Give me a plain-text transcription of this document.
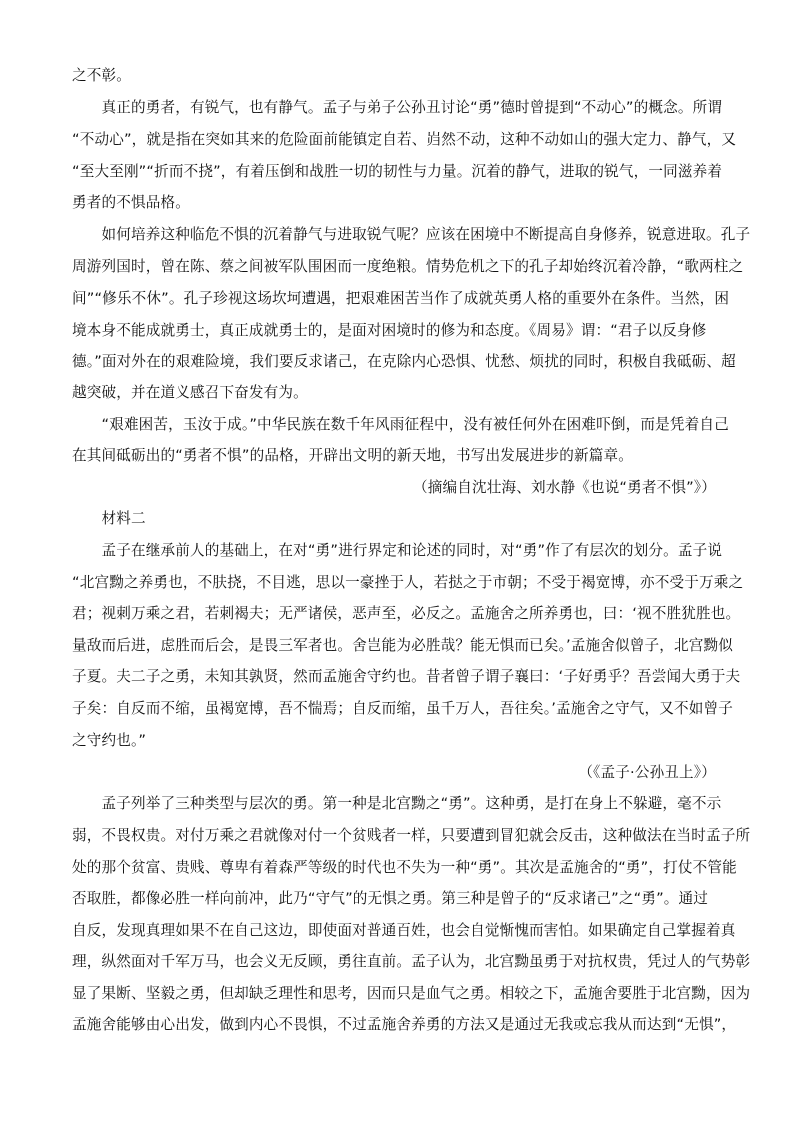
之不彰。
　　真正的勇者，有锐气，也有静气。孟子与弟子公孙丑讨论“勇”德时曾提到“不动心”的概念。所谓
“不动心”，就是指在突如其来的危险面前能镇定自若、岿然不动，这种不动如山的强大定力、静气，又
“至大至刚”“折而不挠”，有着压倒和战胜一切的韧性与力量。沉着的静气，进取的锐气，一同滋养着
勇者的不惧品格。
　　如何培养这种临危不惧的沉着静气与进取锐气呢？应该在困境中不断提高自身修养，锐意进取。孔子
周游列国时，曾在陈、蔡之间被军队围困而一度绝粮。情势危机之下的孔子却始终沉着冷静，“歌两柱之
间”“修乐不休”。孔子珍视这场坎坷遭遇，把艰难困苦当作了成就英勇人格的重要外在条件。当然，困
境本身不能成就勇士，真正成就勇士的，是面对困境时的修为和态度。《周易》谓：“君子以反身修
德。”面对外在的艰难险境，我们要反求诸己，在克除内心恐惧、忧愁、烦扰的同时，积极自我砥砺、超
越突破，并在道义感召下奋发有为。
　　“艰难困苦，玉汝于成。”中华民族在数千年风雨征程中，没有被任何外在困难吓倒，而是凭着自己
在其间砥砺出的“勇者不惧”的品格，开辟出文明的新天地，书写出发展进步的新篇章。
（摘编自沈壮海、刘水静《也说“勇者不惧”》）
　　材料二
　　孟子在继承前人的基础上，在对“勇”进行界定和论述的同时，对“勇”作了有层次的划分。孟子说
“北宫黝之养勇也，不肤挠，不目逃，思以一豪挫于人，若挞之于市朝；不受于褐宽博，亦不受于万乘之
君；视刺万乘之君，若刺褐夫；无严诸侯，恶声至，必反之。孟施舍之所养勇也，曰：‘视不胜犹胜也。
量敌而后进，虑胜而后会，是畏三军者也。舍岂能为必胜哉？能无惧而已矣。’孟施舍似曾子，北宫黝似
子夏。夫二子之勇，未知其孰贤，然而孟施舍守约也。昔者曾子谓子襄曰：‘子好勇乎？吾尝闻大勇于夫
子矣：自反而不缩，虽褐宽博，吾不惴焉；自反而缩，虽千万人，吾往矣。’孟施舍之守气，又不如曾子
之守约也。”
（《孟子·公孙丑上》）
　　孟子列举了三种类型与层次的勇。第一种是北宫黝之“勇”。这种勇，是打在身上不躲避，毫不示
弱，不畏权贵。对付万乘之君就像对付一个贫贱者一样，只要遭到冒犯就会反击，这种做法在当时孟子所
处的那个贫富、贵贱、尊卑有着森严等级的时代也不失为一种“勇”。其次是孟施舍的“勇”，打仗不管能
否取胜，都像必胜一样向前冲，此乃“守气”的无惧之勇。第三种是曾子的“反求诸己”之“勇”。通过
自反，发现真理如果不在自己这边，即使面对普通百姓，也会自觉惭愧而害怕。如果确定自己掌握着真
理，纵然面对千军万马，也会义无反顾，勇往直前。孟子认为，北宫黝虽勇于对抗权贵，凭过人的气势彰
显了果断、坚毅之勇，但却缺乏理性和思考，因而只是血气之勇。相较之下，孟施舍要胜于北宫黝，因为
孟施舍能够由心出发，做到内心不畏惧，不过孟施舍养勇的方法又是通过无我或忘我从而达到“无惧”，
